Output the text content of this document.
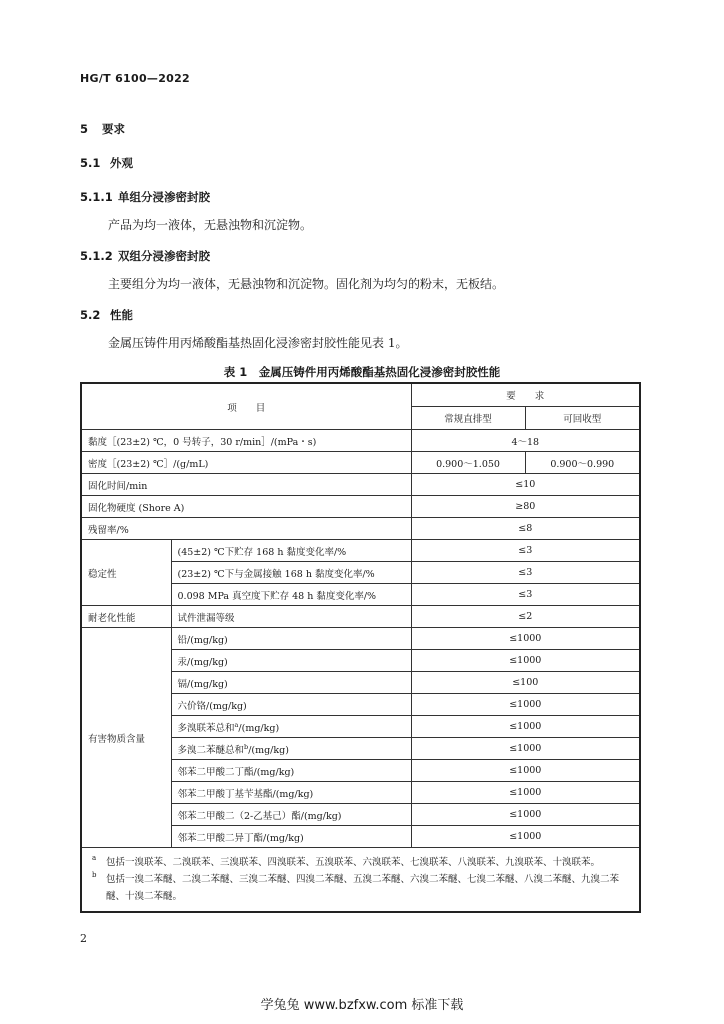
HG/T 6100—2022
5 要求
5.1 外观
5.1.1 单组分浸渗密封胶
产品为均一液体，无悬浊物和沉淀物。
5.1.2 双组分浸渗密封胶
主要组分为均一液体，无悬浊物和沉淀物。固化剂为均匀的粉末，无板结。
5.2 性能
金属压铸件用丙烯酸酯基热固化浸渗密封胶性能见表 1。
表 1　金属压铸件用丙烯酸酯基热固化浸渗密封胶性能
项　　目		要　　求	
		常规直排型	可回收型
黏度［(23±2) ℃，0 号转子，30 r/min］/(mPa・s)		4～18	
密度［(23±2) ℃］/(g/mL)		0.900～1.050	0.900～0.990
固化时间/min		≤10	
固化物硬度 (Shore A)		≥80	
残留率/%		≤8	
稳定性	(45±2) ℃下贮存 168 h 黏度变化率/%	≤3	
	(23±2) ℃下与金属接触 168 h 黏度变化率/%	≤3	
	0.098 MPa 真空度下贮存 48 h 黏度变化率/%	≤3	
耐老化性能	试件泄漏等级	≤2	
有害物质含量	铅/(mg/kg)	≤1000	
	汞/(mg/kg)	≤1000	
	镉/(mg/kg)	≤100	
	六价铬/(mg/kg)	≤1000	
	多溴联苯总和$^a$/(mg/kg)	≤1000	
	多溴二苯醚总和$^b$/(mg/kg)	≤1000	
	邻苯二甲酸二丁酯/(mg/kg)	≤1000	
	邻苯二甲酸丁基苄基酯/(mg/kg)	≤1000	
	邻苯二甲酸二（2-乙基己）酯/(mg/kg)	≤1000	
	邻苯二甲酸二异丁酯/(mg/kg)	≤1000	

a 包括一溴联苯、二溴联苯、三溴联苯、四溴联苯、五溴联苯、六溴联苯、七溴联苯、八溴联苯、九溴联苯、十溴联苯。
b 包括一溴二苯醚、二溴二苯醚、三溴二苯醚、四溴二苯醚、五溴二苯醚、六溴二苯醚、七溴二苯醚、八溴二苯醚、九溴二苯醚、十溴二苯醚。			
2
学兔兔 www.bzfxw.com 标准下载
